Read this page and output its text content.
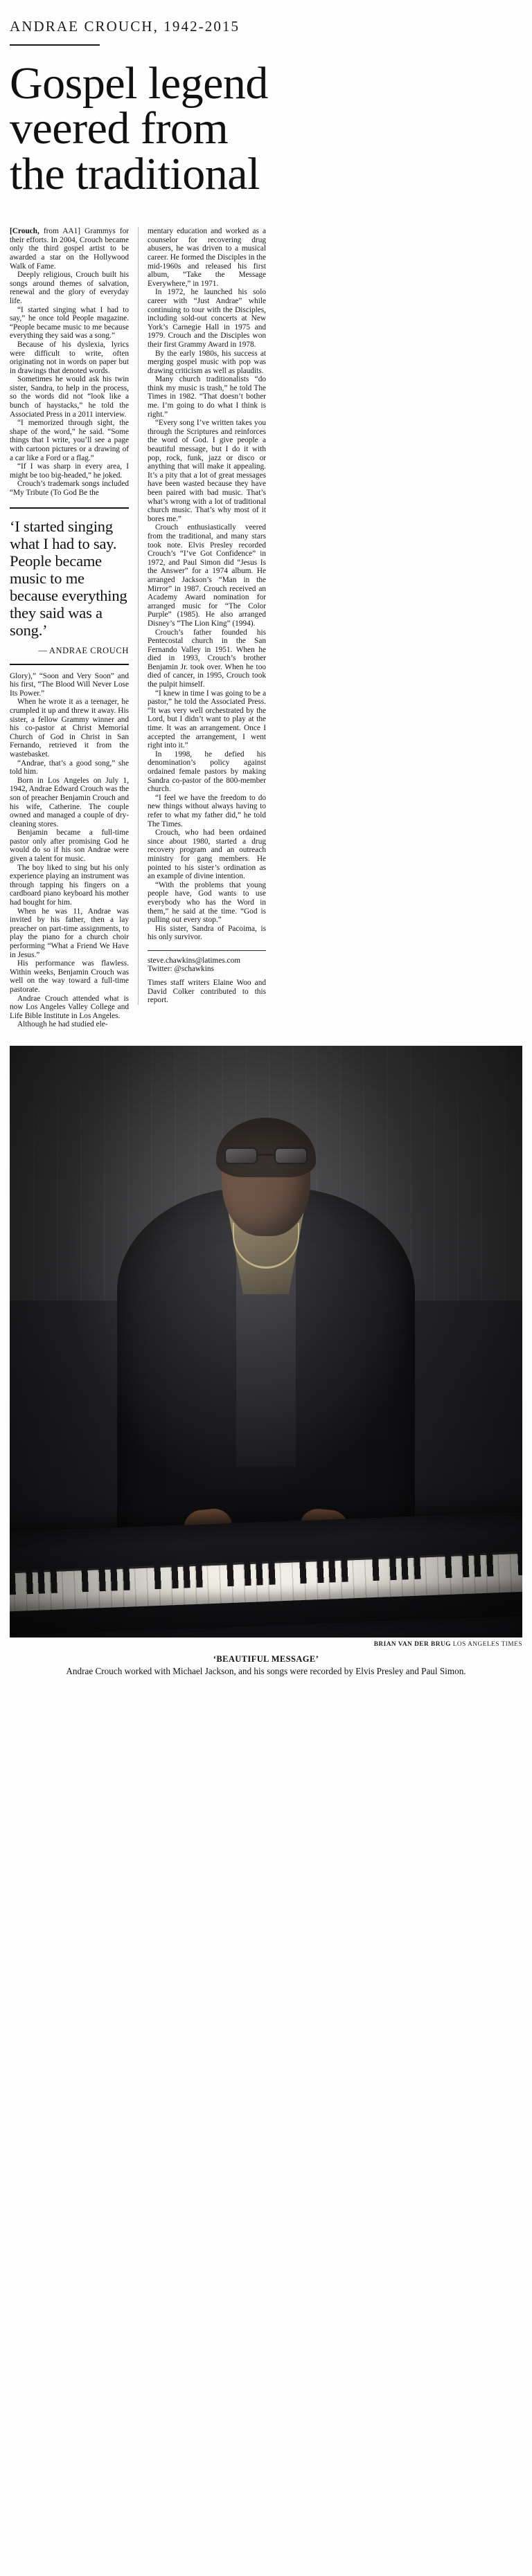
ANDRAE CROUCH, 1942-2015
Gospel legend
veered from
the traditional

[Crouch, from AA1] Grammys for their efforts. In 2004, Crouch became only the third gospel artist to be awarded a star on the Hollywood Walk of Fame.

Deeply religious, Crouch built his songs around themes of salvation, renewal and the glory of everyday life.

“I started singing what I had to say,” he once told People magazine. “People became music to me because everything they said was a song.”

Because of his dyslexia, lyrics were difficult to write, often originating not in words on paper but in drawings that denoted words.

Sometimes he would ask his twin sister, Sandra, to help in the process, so the words did not “look like a bunch of haystacks,” he told the Associated Press in a 2011 interview.

“I memorized through sight, the shape of the word,” he said. “Some things that I write, you’ll see a page with cartoon pictures or a drawing of a car like a Ford or a flag.”

“If I was sharp in every area, I might be too big-headed,” he joked.

Crouch’s trademark songs included “My Tribute (To God Be the

‘I started singing what I had to say. People became music to me because everything they said was a song.’
— ANDRAE CROUCH

Glory),” “Soon and Very Soon” and his first, “The Blood Will Never Lose Its Power.”

When he wrote it as a teenager, he crumpled it up and threw it away. His sister, a fellow Grammy winner and his co-pastor at Christ Memorial Church of God in Christ in San Fernando, retrieved it from the wastebasket.

“Andrae, that’s a good song,” she told him.

Born in Los Angeles on July 1, 1942, Andrae Edward Crouch was the son of preacher Benjamin Crouch and his wife, Catherine. The couple owned and managed a couple of dry-cleaning stores.

Benjamin became a full-time pastor only after promising God he would do so if his son Andrae were given a talent for music.

The boy liked to sing but his only experience playing an instrument was through tapping his fingers on a cardboard piano keyboard his mother had bought for him.

When he was 11, Andrae was invited by his father, then a lay preacher on part-time assignments, to play the piano for a church choir performing “What a Friend We Have in Jesus.”

His performance was flawless. Within weeks, Benjamin Crouch was well on the way toward a full-time pastorate.

Andrae Crouch attended what is now Los Angeles Valley College and Life Bible Institute in Los Angeles.

Although he had studied ele-

mentary education and worked as a counselor for recovering drug abusers, he was driven to a musical career. He formed the Disciples in the mid-1960s and released his first album, “Take the Message Everywhere,” in 1971.

In 1972, he launched his solo career with “Just Andrae” while continuing to tour with the Disciples, including sold-out concerts at New York’s Carnegie Hall in 1975 and 1979. Crouch and the Disciples won their first Grammy Award in 1978.

By the early 1980s, his success at merging gospel music with pop was drawing criticism as well as plaudits.

Many church traditionalists “do think my music is trash,” he told The Times in 1982. “That doesn’t bother me. I’m going to do what I think is right.”

“Every song I’ve written takes you through the Scriptures and reinforces the word of God. I give people a beautiful message, but I do it with pop, rock, funk, jazz or disco or anything that will make it appealing. It’s a pity that a lot of great messages have been wasted because they have been paired with bad music. That’s what’s wrong with a lot of traditional church music. That’s why most of it bores me.”

Crouch enthusiastically veered from the traditional, and many stars took note. Elvis Presley recorded Crouch’s “I’ve Got Confidence” in 1972, and Paul Simon did “Jesus Is the Answer” for a 1974 album. He arranged Jackson’s “Man in the Mirror” in 1987. Crouch received an Academy Award nomination for arranged music for “The Color Purple” (1985). He also arranged Disney’s “The Lion King” (1994).

Crouch’s father founded his Pentecostal church in the San Fernando Valley in 1951. When he died in 1993, Crouch’s brother Benjamin Jr. took over. When he too died of cancer, in 1995, Crouch took the pulpit himself.

“I knew in time I was going to be a pastor,” he told the Associated Press. “It was very well orchestrated by the Lord, but I didn’t want to play at the time. It was an arrangement. Once I accepted the arrangement, I went right into it.”

In 1998, he defied his denomination’s policy against ordained female pastors by making Sandra co-pastor of the 800-member church.

“I feel we have the freedom to do new things without always having to refer to what my father did,” he told The Times.

Crouch, who had been ordained since about 1980, started a drug recovery program and an outreach ministry for gang members. He pointed to his sister’s ordination as an example of divine intention.

“With the problems that young people have, God wants to use everybody who has the Word in them,” he said at the time. “God is pulling out every stop.”

His sister, Sandra of Pacoima, is his only survivor.

steve.chawkins@latimes.com

Twitter: @schawkins

Times staff writers Elaine Woo and David Colker contributed to this report.

BRIAN VAN DER BRUG LOS ANGELES TIMES
‘BEAUTIFUL MESSAGE’
Andrae Crouch worked with Michael Jackson, and his songs were recorded by Elvis Presley and Paul Simon.
